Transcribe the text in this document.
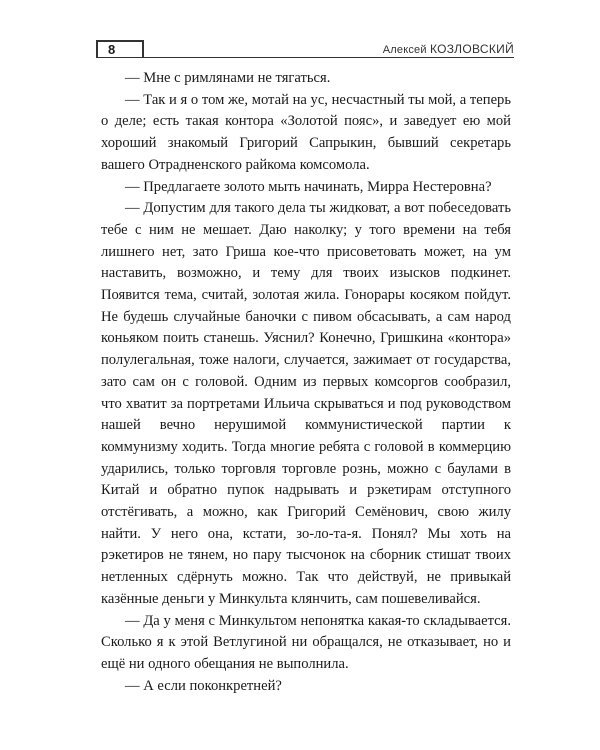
8	Алексей КОЗЛОВСКИЙ

— Мне с римлянами не тягаться.

— Так и я о том же, мотай на ус, несчастный ты мой, а теперь о деле; есть такая контора «Золотой пояс», и заведует ею мой хороший знакомый Григорий Сапрыкин, бывший секретарь вашего Отрадненского райкома комсомола.

— Предлагаете золото мыть начинать, Мирра Нестеровна?

— Допустим для такого дела ты жидковат, а вот побеседовать тебе с ним не мешает. Даю наколку; у того времени на тебя лишнего нет, зато Гриша кое-что присоветовать может, на ум наставить, возможно, и тему для твоих изысков подкинет. Появится тема, считай, золотая жила. Гонорары косяком пойдут. Не будешь случайные баночки с пивом обсасывать, а сам народ коньяком поить станешь. Уяснил? Конечно, Гришкина «контора» полулегальная, тоже налоги, случается, зажимает от государства, зато сам он с головой. Одним из первых комсоргов сообразил, что хватит за портретами Ильича скрываться и под руководством нашей вечно нерушимой коммунистической партии к коммунизму ходить. Тогда многие ребята с головой в коммерцию ударились, только торговля торговле рознь, можно с баулами в Китай и обратно пупок надрывать и рэкетирам отступного отстёгивать, а можно, как Григорий Семёнович, свою жилу найти. У него она, кстати, зо-ло-та-я. Понял? Мы хоть на рэкетиров не тянем, но пару тысчонок на сборник стишат твоих нетленных сдёрнуть можно. Так что действуй, не привыкай казённые деньги у Минкульта клянчить, сам пошевеливайся.

— Да у меня с Минкультом непонятка какая-то складывается. Сколько я к этой Ветлугиной ни обращался, не отказывает, но и ещё ни одного обещания не выполнила.

— А если поконкретней?
